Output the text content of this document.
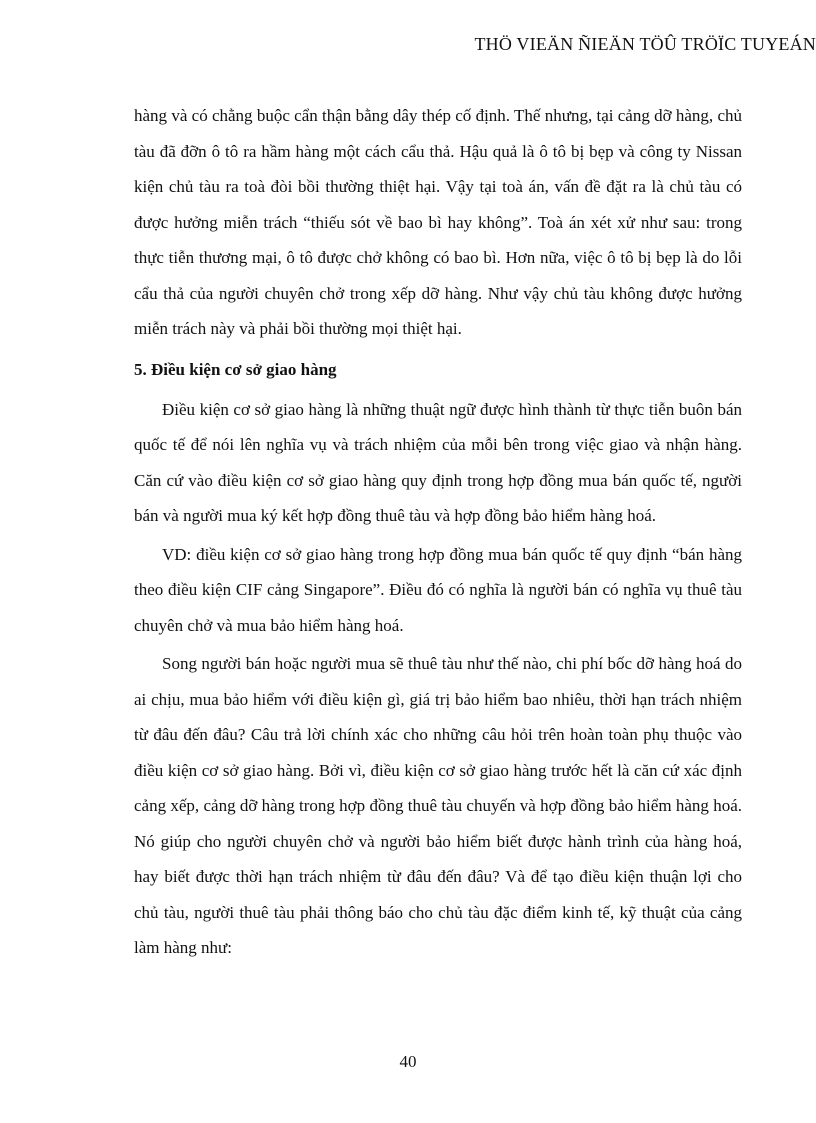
THÖ VIEÄN ÑIEÄN TÖÛ TRÖÏC TUYEÁN

hàng và có chằng buộc cẩn thận bằng dây thép cố định. Thế nhưng, tại cảng dỡ hàng, chủ tàu đã đỡn ô tô ra hầm hàng một cách cẩu thả. Hậu quả là ô tô bị bẹp và công ty Nissan kiện chủ tàu ra toà đòi bồi thường thiệt hại. Vậy tại toà án, vấn đề đặt ra là chủ tàu có được hưởng miễn trách “thiếu sót về bao bì hay không”. Toà án xét xử như sau: trong thực tiễn thương mại, ô tô được chở không có bao bì. Hơn nữa, việc ô tô bị bẹp là do lỗi cẩu thả của người chuyên chở trong xếp dỡ hàng. Như vậy chủ tàu không được hưởng miễn trách này và phải bồi thường mọi thiệt hại.

5. Điều kiện cơ sở giao hàng

Điều kiện cơ sở giao hàng là những thuật ngữ được hình thành từ thực tiễn buôn bán quốc tế để nói lên nghĩa vụ và trách nhiệm của mỗi bên trong việc giao và nhận hàng. Căn cứ vào điều kiện cơ sở giao hàng quy định trong hợp đồng mua bán quốc tế, người bán và người mua ký kết hợp đồng thuê tàu và hợp đồng bảo hiểm hàng hoá.

VD: điều kiện cơ sở giao hàng trong hợp đồng mua bán quốc tế quy định “bán hàng theo điều kiện CIF cảng Singapore”. Điều đó có nghĩa là người bán có nghĩa vụ thuê tàu chuyên chở và mua bảo hiểm hàng hoá.

Song người bán hoặc người mua sẽ thuê tàu như thế nào, chi phí bốc dỡ hàng hoá do ai chịu, mua bảo hiểm với điều kiện gì, giá trị bảo hiểm bao nhiêu, thời hạn trách nhiệm từ đâu đến đâu? Câu trả lời chính xác cho những câu hỏi trên hoàn toàn phụ thuộc vào điều kiện cơ sở giao hàng. Bởi vì, điều kiện cơ sở giao hàng trước hết là căn cứ xác định cảng xếp, cảng dỡ hàng trong hợp đồng thuê tàu chuyến và hợp đồng bảo hiểm hàng hoá. Nó giúp cho người chuyên chở và người bảo hiểm biết được hành trình của hàng hoá, hay biết được thời hạn trách nhiệm từ đâu đến đâu? Và để tạo điều kiện thuận lợi cho chủ tàu, người thuê tàu phải thông báo cho chủ tàu đặc điểm kinh tế, kỹ thuật của cảng làm hàng như:

40
